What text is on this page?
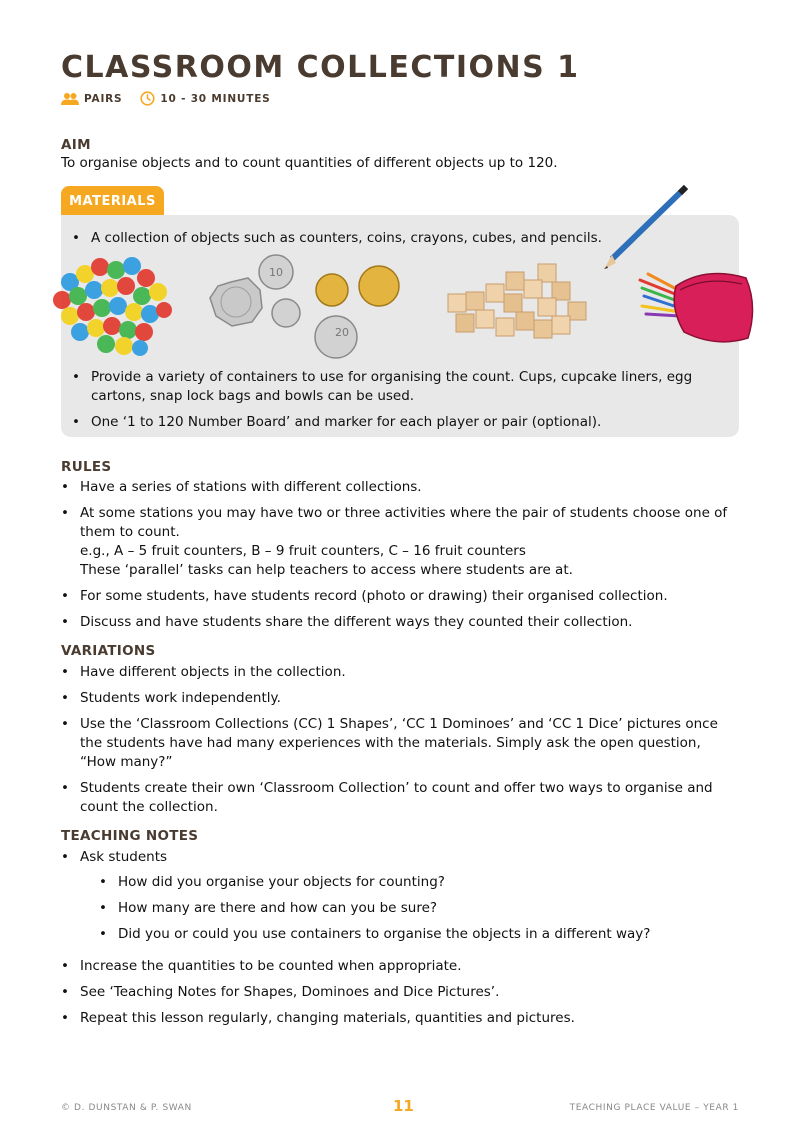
CLASSROOM COLLECTIONS 1
PAIRS	10 - 30 MINUTES
AIM
To organise objects and to count quantities of different objects up to 120.
MATERIALS
• A collection of objects such as counters, coins, crayons, cubes, and pencils.
10
20
• Provide a variety of containers to use for organising the count. Cups, cupcake liners, egg cartons, snap lock bags and bowls can be used.
• One ‘1 to 120 Number Board’ and marker for each player or pair (optional).
RULES
• Have a series of stations with different collections.
• At some stations you may have two or three activities where the pair of students choose one of them to count.
e.g., A – 5 fruit counters, B – 9 fruit counters, C – 16 fruit counters
These ‘parallel’ tasks can help teachers to access where students are at.
• For some students, have students record (photo or drawing) their organised collection.
• Discuss and have students share the different ways they counted their collection.
VARIATIONS
• Have different objects in the collection.
• Students work independently.
• Use the ‘Classroom Collections (CC) 1 Shapes’, ‘CC 1 Dominoes’ and ‘CC 1 Dice’ pictures once the students have had many experiences with the materials. Simply ask the open question, “How many?”
• Students create their own ‘Classroom Collection’ to count and offer two ways to organise and count the collection.
TEACHING NOTES
• Ask students
• How did you organise your objects for counting?
• How many are there and how can you be sure?
• Did you or could you use containers to organise the objects in a different way?
• Increase the quantities to be counted when appropriate.
• See ‘Teaching Notes for Shapes, Dominoes and Dice Pictures’.
• Repeat this lesson regularly, changing materials, quantities and pictures.
© D. DUNSTAN & P. SWAN	11	TEACHING PLACE VALUE – YEAR 1
